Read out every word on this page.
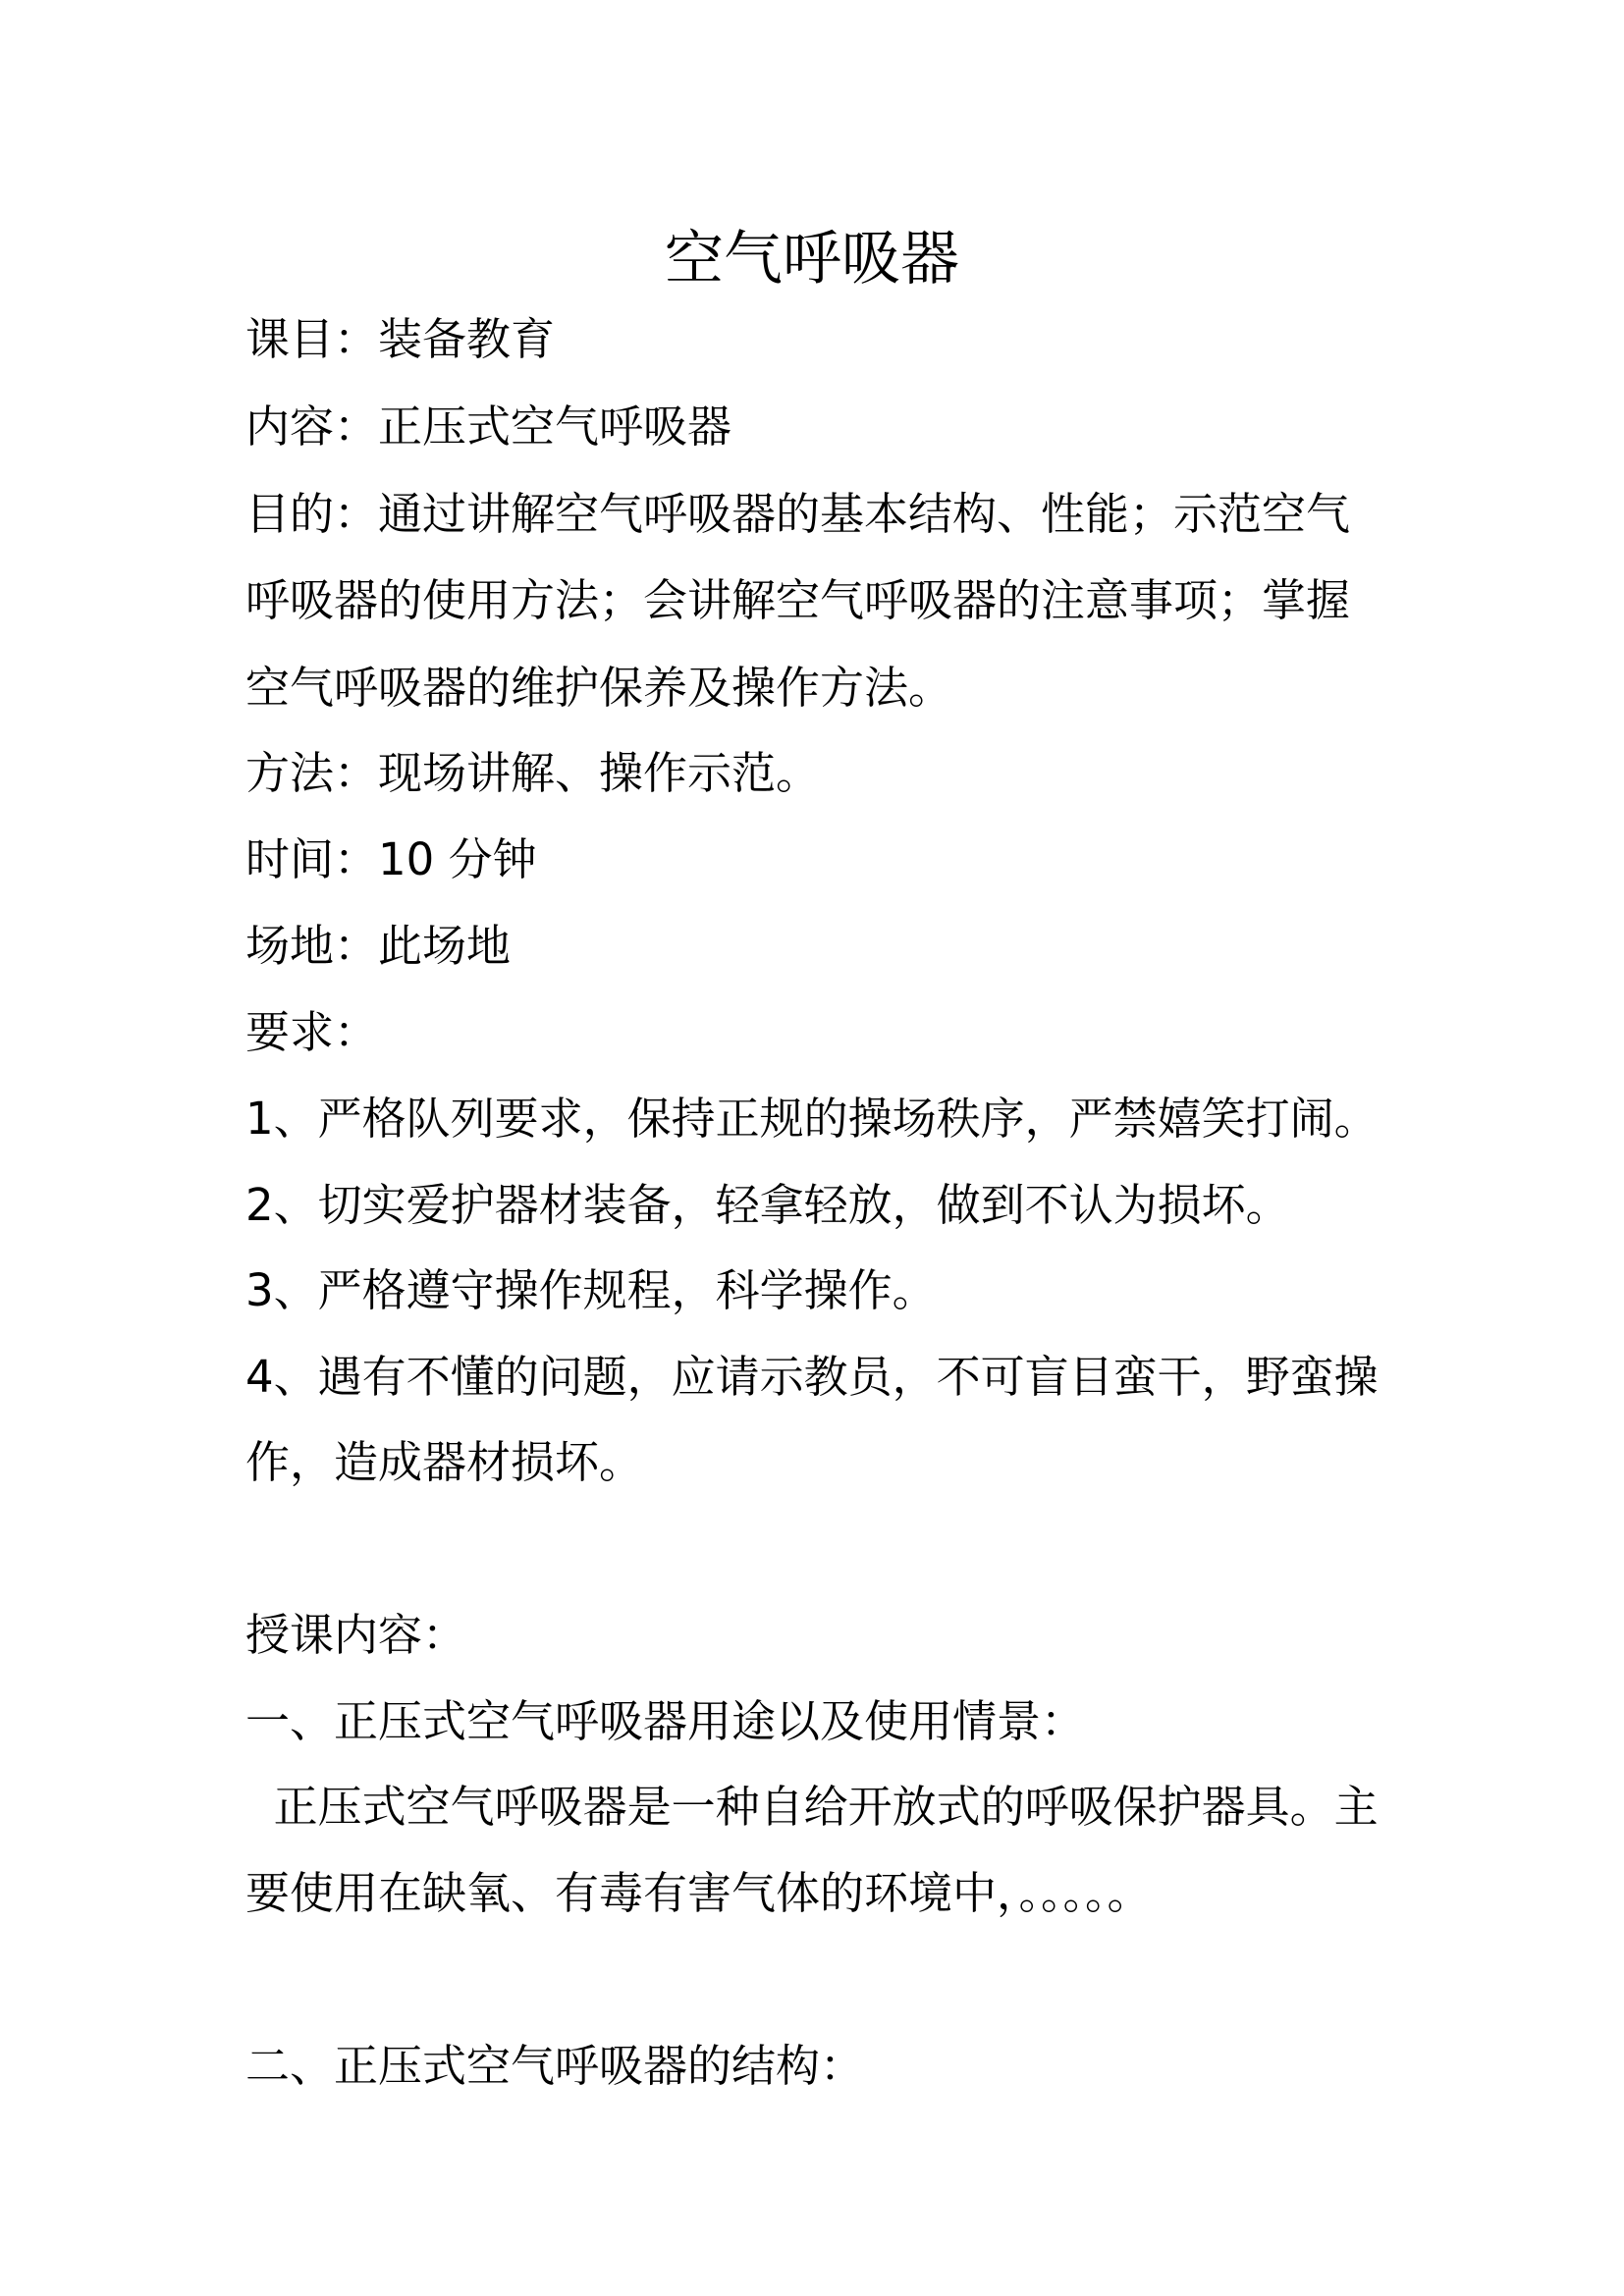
空气呼吸器

课目：装备教育

内容：正压式空气呼吸器

目的：通过讲解空气呼吸器的基本结构、性能；示范空气

呼吸器的使用方法；会讲解空气呼吸器的注意事项；掌握

空气呼吸器的维护保养及操作方法。

方法：现场讲解、操作示范。

时间：10 分钟

场地：此场地

要求：

1、严格队列要求，保持正规的操场秩序，严禁嬉笑打闹。

2、切实爱护器材装备，轻拿轻放，做到不认为损坏。

3、严格遵守操作规程，科学操作。

4、遇有不懂的问题，应请示教员，不可盲目蛮干，野蛮操

作，造成器材损坏。

授课内容：

一、正压式空气呼吸器用途以及使用情景：

正压式空气呼吸器是一种自给开放式的呼吸保护器具。主

要使用在缺氧、有毒有害气体的环境中，。。。。。

二、正压式空气呼吸器的结构：
